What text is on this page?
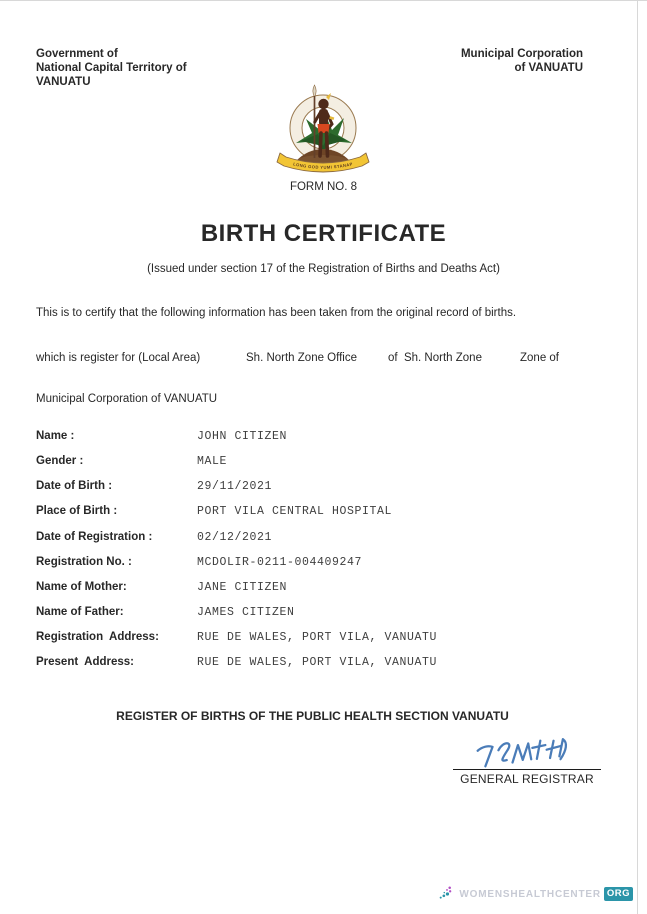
Government of
National Capital Territory of
VANUATU
Municipal Corporation
of VANUATU
LONG GOD YUMI STANAP
FORM NO. 8
BIRTH CERTIFICATE
(Issued under section 17 of the Registration of Births and Deaths Act)
This is to certify that the following information has been taken from the original record of births.
which is register for (Local Area)	Sh. North Zone Office	of  Sh. North Zone	Zone of
Municipal Corporation of VANUATU
Name :	JOHN CITIZEN
Gender :	MALE
Date of Birth :	29/11/2021
Place of Birth :	PORT VILA CENTRAL HOSPITAL
Date of Registration :	02/12/2021
Registration No. :	MCDOLIR-0211-004409247
Name of Mother:	JANE CITIZEN
Name of Father:	JAMES CITIZEN
Registration  Address:	RUE DE WALES, PORT VILA, VANUATU
Present  Address:	RUE DE WALES, PORT VILA, VANUATU
REGISTER OF BIRTHS OF THE PUBLIC HEALTH SECTION VANUATU
GENERAL REGISTRAR
WOMENSHEALTHCENTER ORG
